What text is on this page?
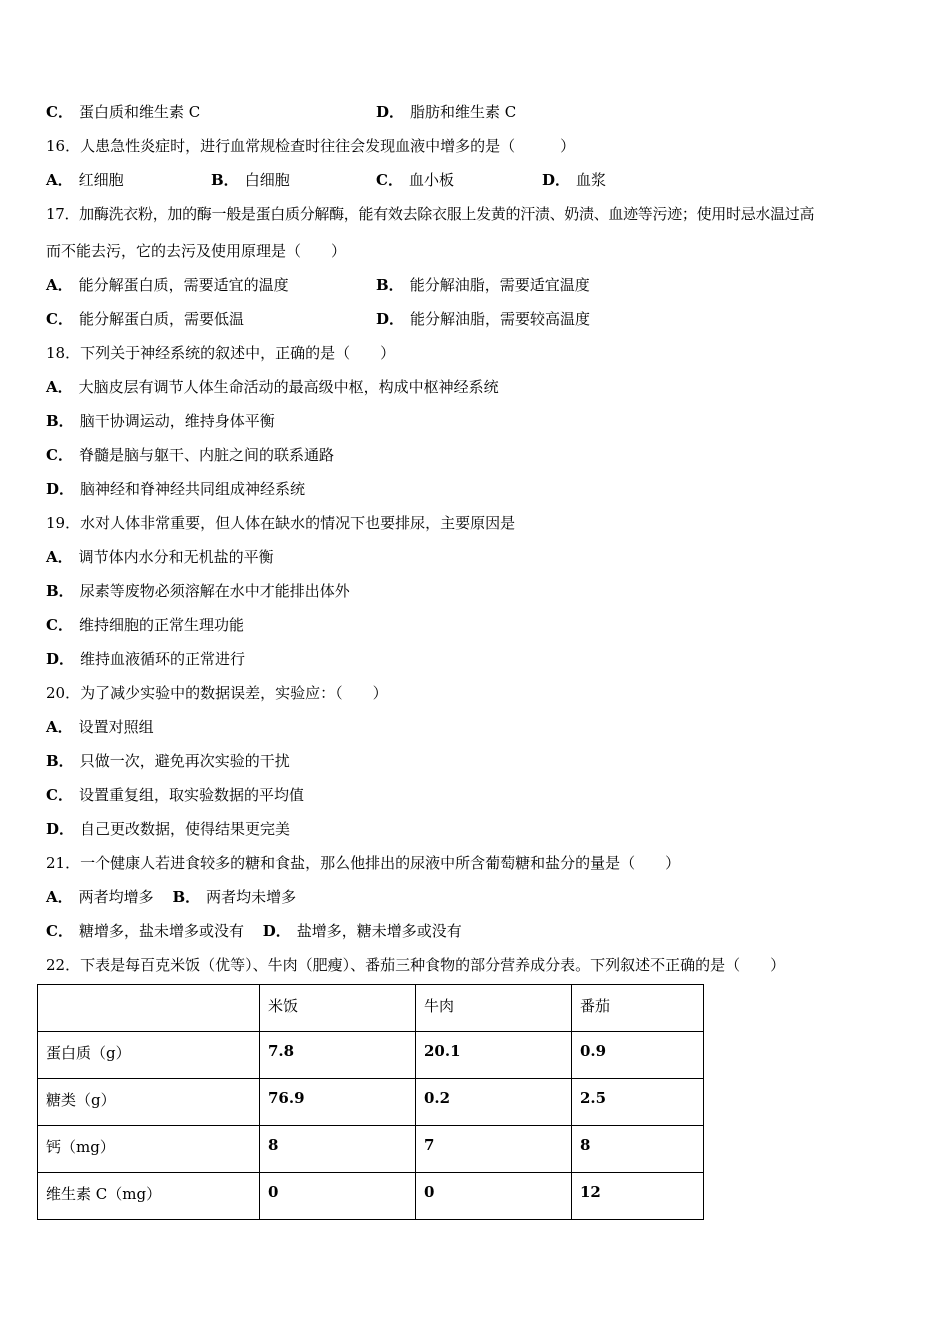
C． 蛋白质和维生素 C	D． 脂肪和维生素 C
16．人患急性炎症时，进行血常规检查时往往会发现血液中增多的是（　　　）
A． 红细胞	B． 白细胞	C． 血小板	D． 血浆
17．加酶洗衣粉，加的酶一般是蛋白质分解酶，能有效去除衣服上发黄的汗渍、奶渍、血迹等污迹；使用时忌水温过高
而不能去污，它的去污及使用原理是（　　）
A． 能分解蛋白质，需要适宜的温度	B． 能分解油脂，需要适宜温度
C． 能分解蛋白质，需要低温	D． 能分解油脂，需要较高温度
18．下列关于神经系统的叙述中，正确的是（　　）
A． 大脑皮层有调节人体生命活动的最高级中枢，构成中枢神经系统
B． 脑干协调运动，维持身体平衡
C． 脊髓是脑与躯干、内脏之间的联系通路
D． 脑神经和脊神经共同组成神经系统
19．水对人体非常重要，但人体在缺水的情况下也要排尿，主要原因是
A． 调节体内水分和无机盐的平衡
B． 尿素等废物必须溶解在水中才能排出体外
C． 维持细胞的正常生理功能
D． 维持血液循环的正常进行
20．为了减少实验中的数据误差，实验应：（　　）
A． 设置对照组
B． 只做一次，避免再次实验的干扰
C． 设置重复组，取实验数据的平均值
D． 自己更改数据，使得结果更完美
21．一个健康人若进食较多的糖和食盐，那么他排出的尿液中所含葡萄糖和盐分的量是（　　）
A． 两者均增多 B． 两者均未增多
C． 糖增多，盐未增多或没有 D． 盐增多，糖未增多或没有
22．下表是每百克米饭（优等）、牛肉（肥瘦）、番茄三种食物的部分营养成分表。下列叙述不正确的是（　　）
	米饭	牛肉	番茄
蛋白质（g）	7.8	20.1	0.9
糖类（g）	76.9	0.2	2.5
钙（mg）	8	7	8
维生素 C（mg）	0	0	12
